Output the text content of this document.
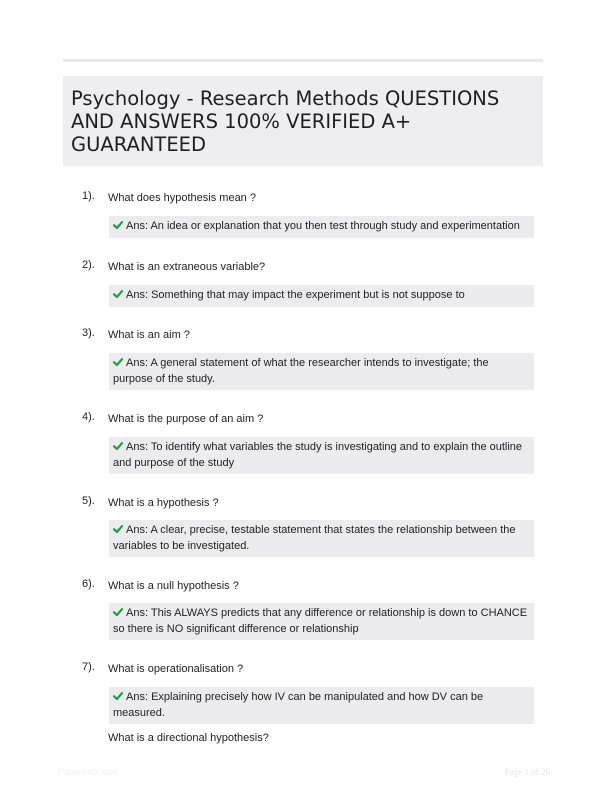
Psychology - Research Methods QUESTIONS AND ANSWERS 100% VERIFIED A+ GUARANTEED
1). What does hypothesis mean ?
Ans: An idea or explanation that you then test through study and experimentation
2). What is an extraneous variable?
Ans: Something that may impact the experiment but is not suppose to
3). What is an aim ?
Ans: A general statement of what the researcher intends to investigate; the purpose of the study.
4). What is the purpose of an aim ?
Ans: To identify what variables the study is investigating and to explain the outline and purpose of the study
5). What is a hypothesis ?
Ans: A clear, precise, testable statement that states the relationship between the variables to be investigated.
6). What is a null hypothesis ?
Ans: This ALWAYS predicts that any difference or relationship is down to CHANCE so there is NO significant difference or relationship
7). What is operationalisation ?
Ans: Explaining precisely how IV can be manipulated and how DV can be measured.
What is a directional hypothesis?
PaperBlitz.com	Page 1 of 26
